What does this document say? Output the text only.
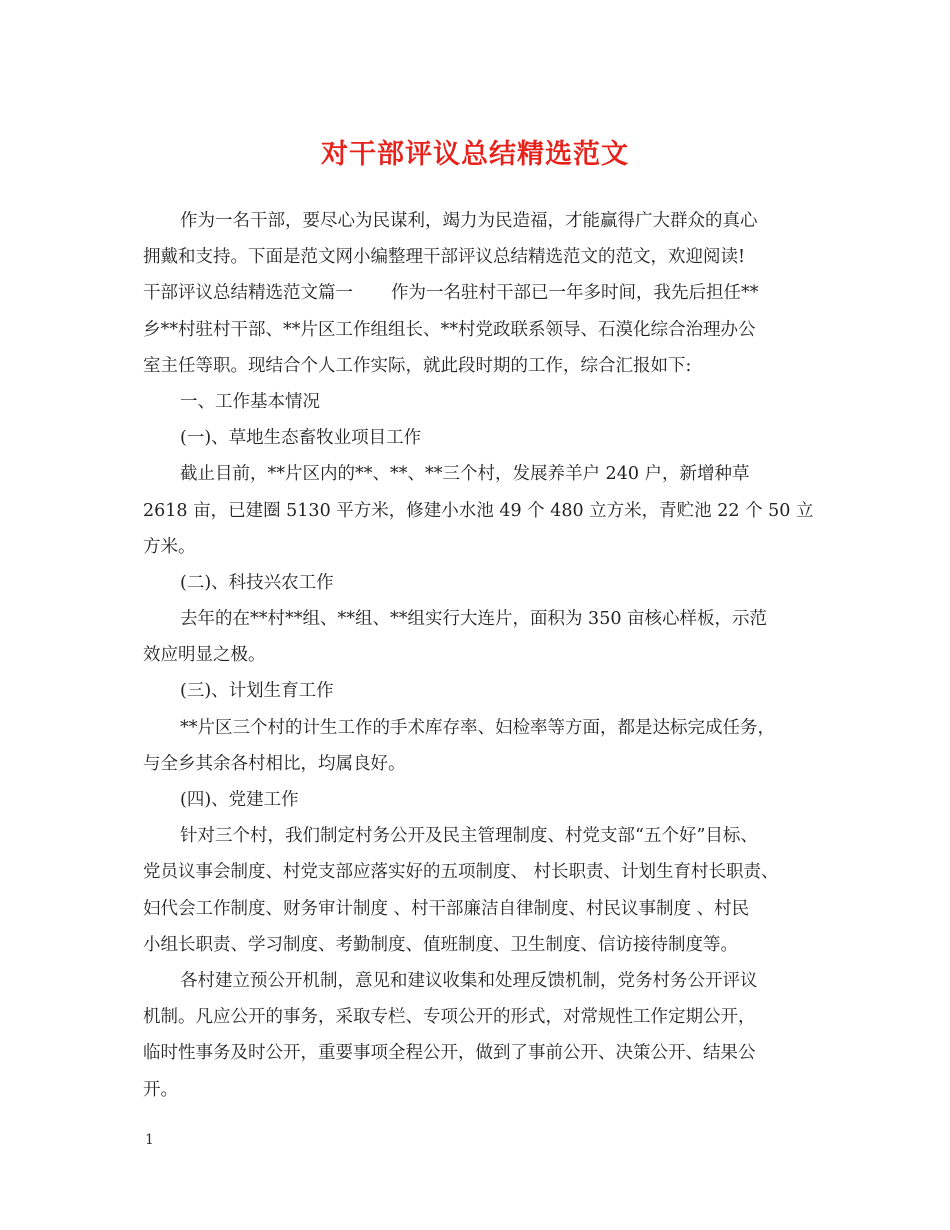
对干部评议总结精选范文
作为一名干部，要尽心为民谋利，竭力为民造福，才能赢得广大群众的真心
拥戴和支持。下面是范文网小编整理干部评议总结精选范文的范文，欢迎阅读!
干部评议总结精选范文篇一 作为一名驻村干部已一年多时间，我先后担任**
乡**村驻村干部、**片区工作组组长、**村党政联系领导、石漠化综合治理办公
室主任等职。现结合个人工作实际，就此段时期的工作，综合汇报如下:
一、工作基本情况
(一)、草地生态畜牧业项目工作
截止目前，**片区内的**、**、**三个村，发展养羊户 240 户，新增种草
2618 亩，已建圈 5130 平方米，修建小水池 49 个 480 立方米，青贮池 22 个 50 立
方米。
(二)、科技兴农工作
去年的在**村**组、**组、**组实行大连片，面积为 350 亩核心样板，示范
效应明显之极。
(三)、计划生育工作
**片区三个村的计生工作的手术库存率、妇检率等方面，都是达标完成任务，
与全乡其余各村相比，均属良好。
(四)、党建工作
针对三个村，我们制定村务公开及民主管理制度、村党支部“五个好”目标、
党员议事会制度、村党支部应落实好的五项制度、 村长职责、计划生育村长职责、
妇代会工作制度、财务审计制度 、村干部廉洁自律制度、村民议事制度 、村民
小组长职责、学习制度、考勤制度、值班制度、卫生制度、信访接待制度等。
各村建立预公开机制，意见和建议收集和处理反馈机制，党务村务公开评议
机制。凡应公开的事务，采取专栏、专项公开的形式，对常规性工作定期公开，
临时性事务及时公开，重要事项全程公开，做到了事前公开、决策公开、结果公
开。
1
